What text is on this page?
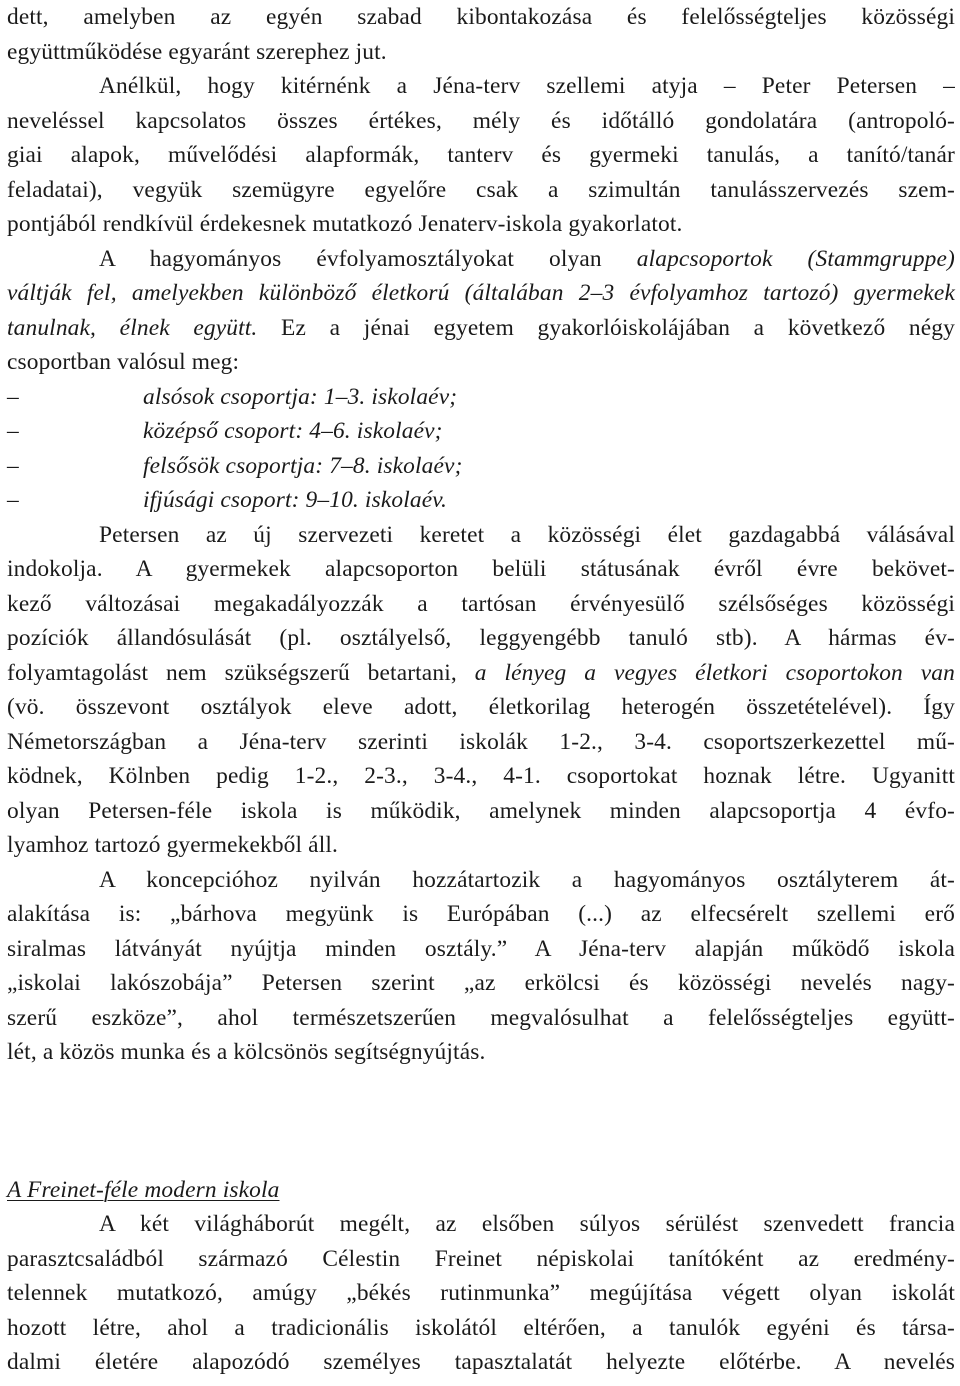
dett, amelyben az egyén szabad kibontakozása és felelősségteljes közösségi
együttműködése egyaránt szerephez jut.
Anélkül, hogy kitérnénk a Jéna-terv szellemi atyja – Peter Petersen –
neveléssel kapcsolatos összes értékes, mély és időtálló gondolatára (antropoló-
giai alapok, művelődési alapformák, tanterv és gyermeki tanulás, a tanító/tanár
feladatai), vegyük szemügyre egyelőre csak a szimultán tanulásszervezés szem-
pontjából rendkívül érdekesnek mutatkozó Jenaterv-iskola gyakorlatot.
A hagyományos évfolyamosztályokat olyan alapcsoportok (Stammgruppe)
váltják fel, amelyekben különböző életkorú (általában 2–3 évfolyamhoz tartozó) gyermekek
tanulnak, élnek együtt. Ez a jénai egyetem gyakorlóiskolájában a következő négy
csoportban valósul meg:
–	alsósok csoportja: 1–3. iskolaév;
–	középső csoport: 4–6. iskolaév;
–	felsősök csoportja: 7–8. iskolaév;
–	ifjúsági csoport: 9–10. iskolaév.
Petersen az új szervezeti keretet a közösségi élet gazdagabbá válásával
indokolja. A gyermekek alapcsoporton belüli státusának évről évre bekövet-
kező változásai megakadályozzák a tartósan érvényesülő szélsőséges közösségi
pozíciók állandósulását (pl. osztályelső, leggyengébb tanuló stb). A hármas év-
folyamtagolást nem szükségszerű betartani, a lényeg a vegyes életkori csoportokon van
(vö. összevont osztályok eleve adott, életkorilag heterogén összetételével). Így
Németországban a Jéna-terv szerinti iskolák 1-2., 3-4. csoportszerkezettel mű-
ködnek, Kölnben pedig 1-2., 2-3., 3-4., 4-1. csoportokat hoznak létre. Ugyanitt
olyan Petersen-féle iskola is működik, amelynek minden alapcsoportja 4 évfo-
lyamhoz tartozó gyermekekből áll.
A koncepcióhoz nyilván hozzátartozik a hagyományos osztályterem át-
alakítása is: „bárhova megyünk is Európában (...) az elfecsérelt szellemi erő
siralmas látványát nyújtja minden osztály.” A Jéna-terv alapján működő iskola
„iskolai lakószobája” Petersen szerint „az erkölcsi és közösségi nevelés nagy-
szerű eszköze”, ahol természetszerűen megvalósulhat a felelősségteljes együtt-
lét, a közös munka és a kölcsönös segítségnyújtás.
A Freinet-féle modern iskola
A két világháborút megélt, az elsőben súlyos sérülést szenvedett francia
parasztcsaládból származó Célestin Freinet népiskolai tanítóként az eredmény-
telennek mutatkozó, amúgy „békés rutinmunka” megújítása végett olyan iskolát
hozott létre, ahol a tradicionális iskolától eltérően, a tanulók egyéni és társa-
dalmi életére alapozódó személyes tapasztalatát helyezte előtérbe. A nevelés
